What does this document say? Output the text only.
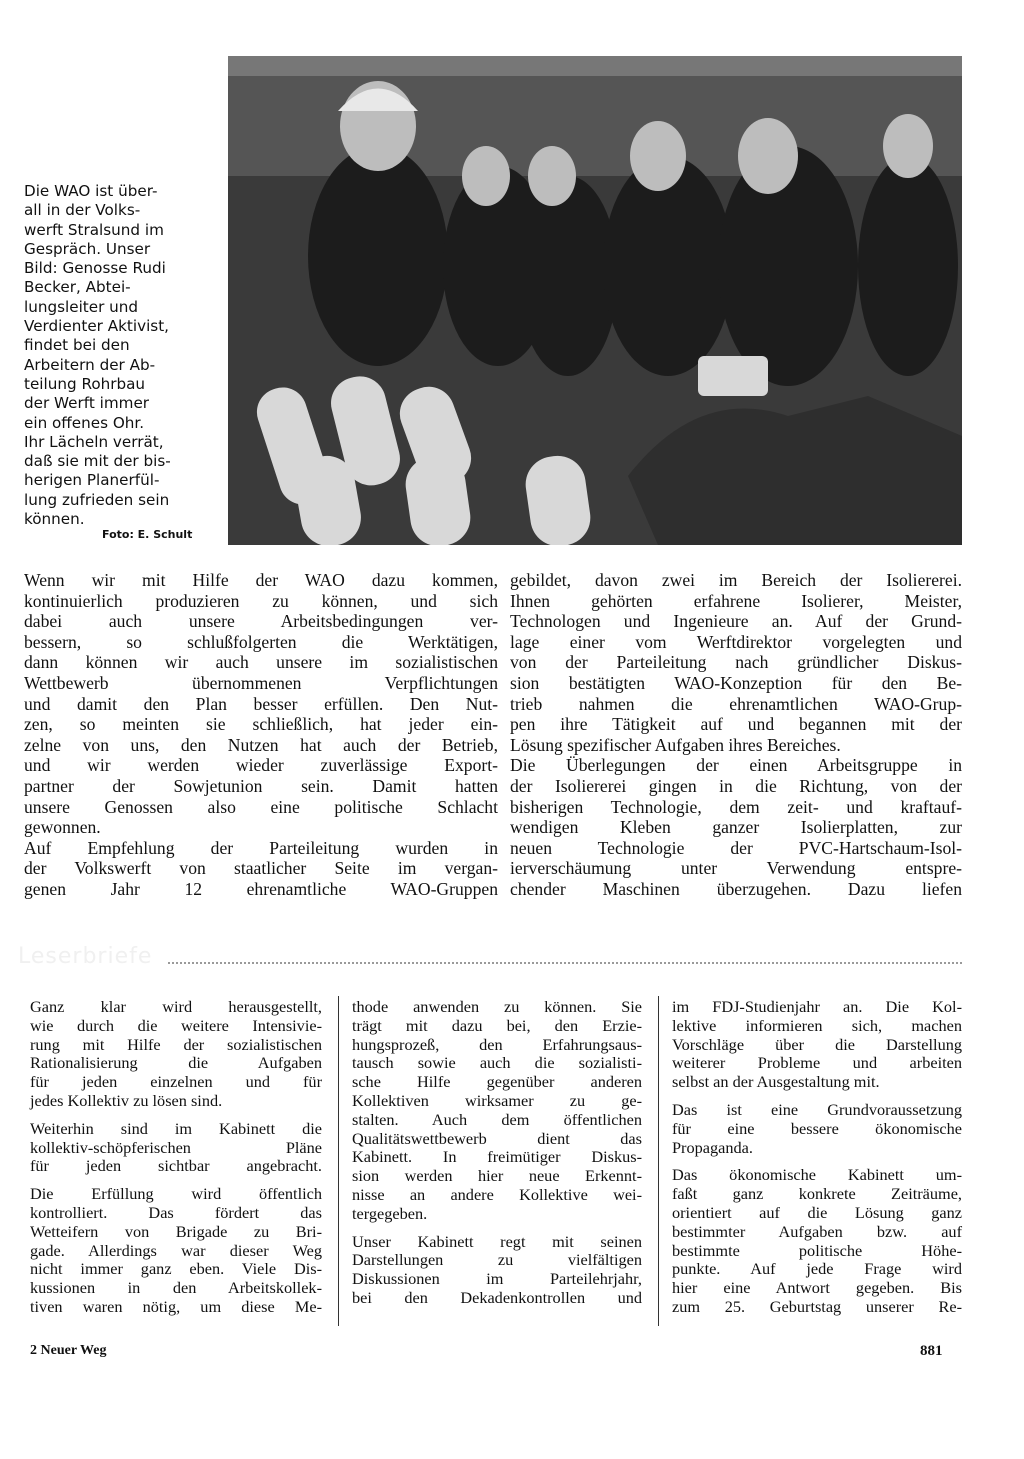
Die WAO ist über-
all in der Volks-
werft Stralsund im
Gespräch. Unser
Bild: Genosse Rudi
Becker, Abtei-
lungsleiter und
Verdienter Aktivist,
findet bei den
Arbeitern der Ab-
teilung Rohrbau
der Werft immer
ein offenes Ohr.
Ihr Lächeln verrät,
daß sie mit der bis-
herigen Planerfül-
lung zufrieden sein
können.
Foto: E. Schult
Wenn wir mit Hilfe der WAO dazu kommen,
kontinuierlich produzieren zu können, und sich
dabei auch unsere Arbeitsbedingungen ver-
bessern, so schlußfolgerten die Werktätigen,
dann können wir auch unsere im sozialistischen
Wettbewerb übernommenen Verpflichtungen
und damit den Plan besser erfüllen. Den Nut-
zen, so meinten sie schließlich, hat jeder ein-
zelne von uns, den Nutzen hat auch der Betrieb,
und wir werden wieder zuverlässige Export-
partner der Sowjetunion sein. Damit hatten
unsere Genossen also eine politische Schlacht
gewonnen.
Auf Empfehlung der Parteileitung wurden in
der Volkswerft von staatlicher Seite im vergan-
genen Jahr 12 ehrenamtliche WAO-Gruppen
gebildet, davon zwei im Bereich der Isoliererei.
Ihnen gehörten erfahrene Isolierer, Meister,
Technologen und Ingenieure an. Auf der Grund-
lage einer vom Werftdirektor vorgelegten und
von der Parteileitung nach gründlicher Diskus-
sion bestätigten WAO-Konzeption für den Be-
trieb nahmen die ehrenamtlichen WAO-Grup-
pen ihre Tätigkeit auf und begannen mit der
Lösung spezifischer Aufgaben ihres Bereiches.
Die Überlegungen der einen Arbeitsgruppe in
der Isoliererei gingen in die Richtung, von der
bisherigen Technologie, dem zeit- und kraftauf-
wendigen Kleben ganzer Isolierplatten, zur
neuen Technologie der PVC-Hartschaum-Isol-
ierverschäumung unter Verwendung entspre-
chender Maschinen überzugehen. Dazu liefen
Leserbriefe

Ganz klar wird herausgestellt,
wie durch die weitere Intensivie-
rung mit Hilfe der sozialistischen
Rationalisierung die Aufgaben
für jeden einzelnen und für
jedes Kollektiv zu lösen sind.

Weiterhin sind im Kabinett die
kollektiv-schöpferischen Pläne
für jeden sichtbar angebracht.

Die Erfüllung wird öffentlich
kontrolliert. Das fördert das
Wetteifern von Brigade zu Bri-
gade. Allerdings war dieser Weg
nicht immer ganz eben. Viele Dis-
kussionen in den Arbeitskollek-
tiven waren nötig, um diese Me-

thode anwenden zu können. Sie
trägt mit dazu bei, den Erzie-
hungsprozeß, den Erfahrungsaus-
tausch sowie auch die sozialisti-
sche Hilfe gegenüber anderen
Kollektiven wirksamer zu ge-
stalten. Auch dem öffentlichen
Qualitätswettbewerb dient das
Kabinett. In freimütiger Diskus-
sion werden hier neue Erkennt-
nisse an andere Kollektive wei-
tergegeben.

Unser Kabinett regt mit seinen
Darstellungen zu vielfältigen
Diskussionen im Parteilehrjahr,
bei den Dekadenkontrollen und

im FDJ-Studienjahr an. Die Kol-
lektive informieren sich, machen
Vorschläge über die Darstellung
weiterer Probleme und arbeiten
selbst an der Ausgestaltung mit.

Das ist eine Grundvoraussetzung
für eine bessere ökonomische
Propaganda.

Das ökonomische Kabinett um-
faßt ganz konkrete Zeiträume,
orientiert auf die Lösung ganz
bestimmter Aufgaben bzw. auf
bestimmte politische Höhe-
punkte. Auf jede Frage wird
hier eine Antwort gegeben. Bis
zum 25. Geburtstag unserer Re-

2 Neuer Weg	881
